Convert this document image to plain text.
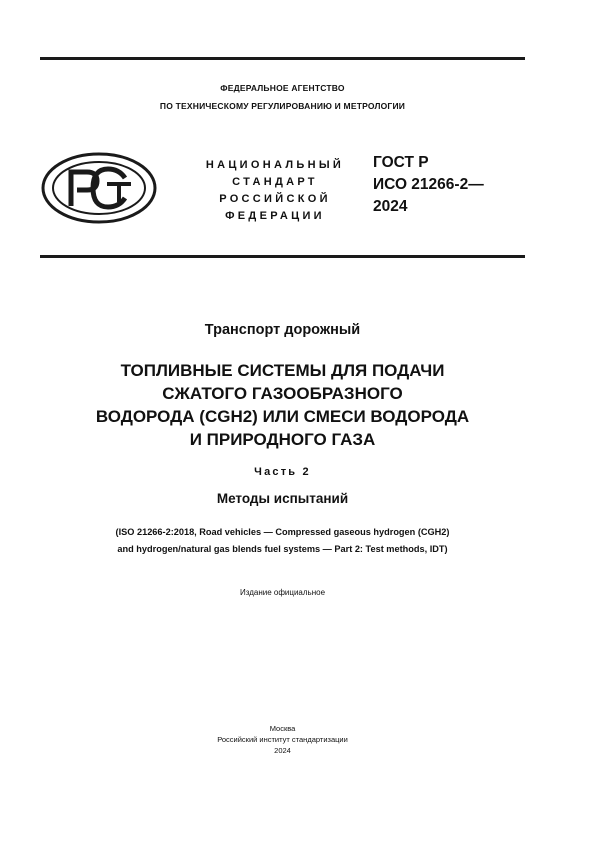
ФЕДЕРАЛЬНОЕ АГЕНТСТВО
ПО ТЕХНИЧЕСКОМУ РЕГУЛИРОВАНИЮ И МЕТРОЛОГИИ
НАЦИОНАЛЬНЫЙ
СТАНДАРТ
РОССИЙСКОЙ
ФЕДЕРАЦИИ
ГОСТ Р
ИСО 21266-2—
2024
Транспорт дорожный
ТОПЛИВНЫЕ СИСТЕМЫ ДЛЯ ПОДАЧИ
СЖАТОГО ГАЗООБРАЗНОГО
ВОДОРОДА (CGH2) ИЛИ СМЕСИ ВОДОРОДА
И ПРИРОДНОГО ГАЗА
Часть 2
Методы испытаний
(ISO 21266-2:2018, Road vehicles — Compressed gaseous hydrogen (CGH2)
and hydrogen/natural gas blends fuel systems — Part 2: Test methods, IDT)
Издание официальное
Москва
Российский институт стандартизации
2024
